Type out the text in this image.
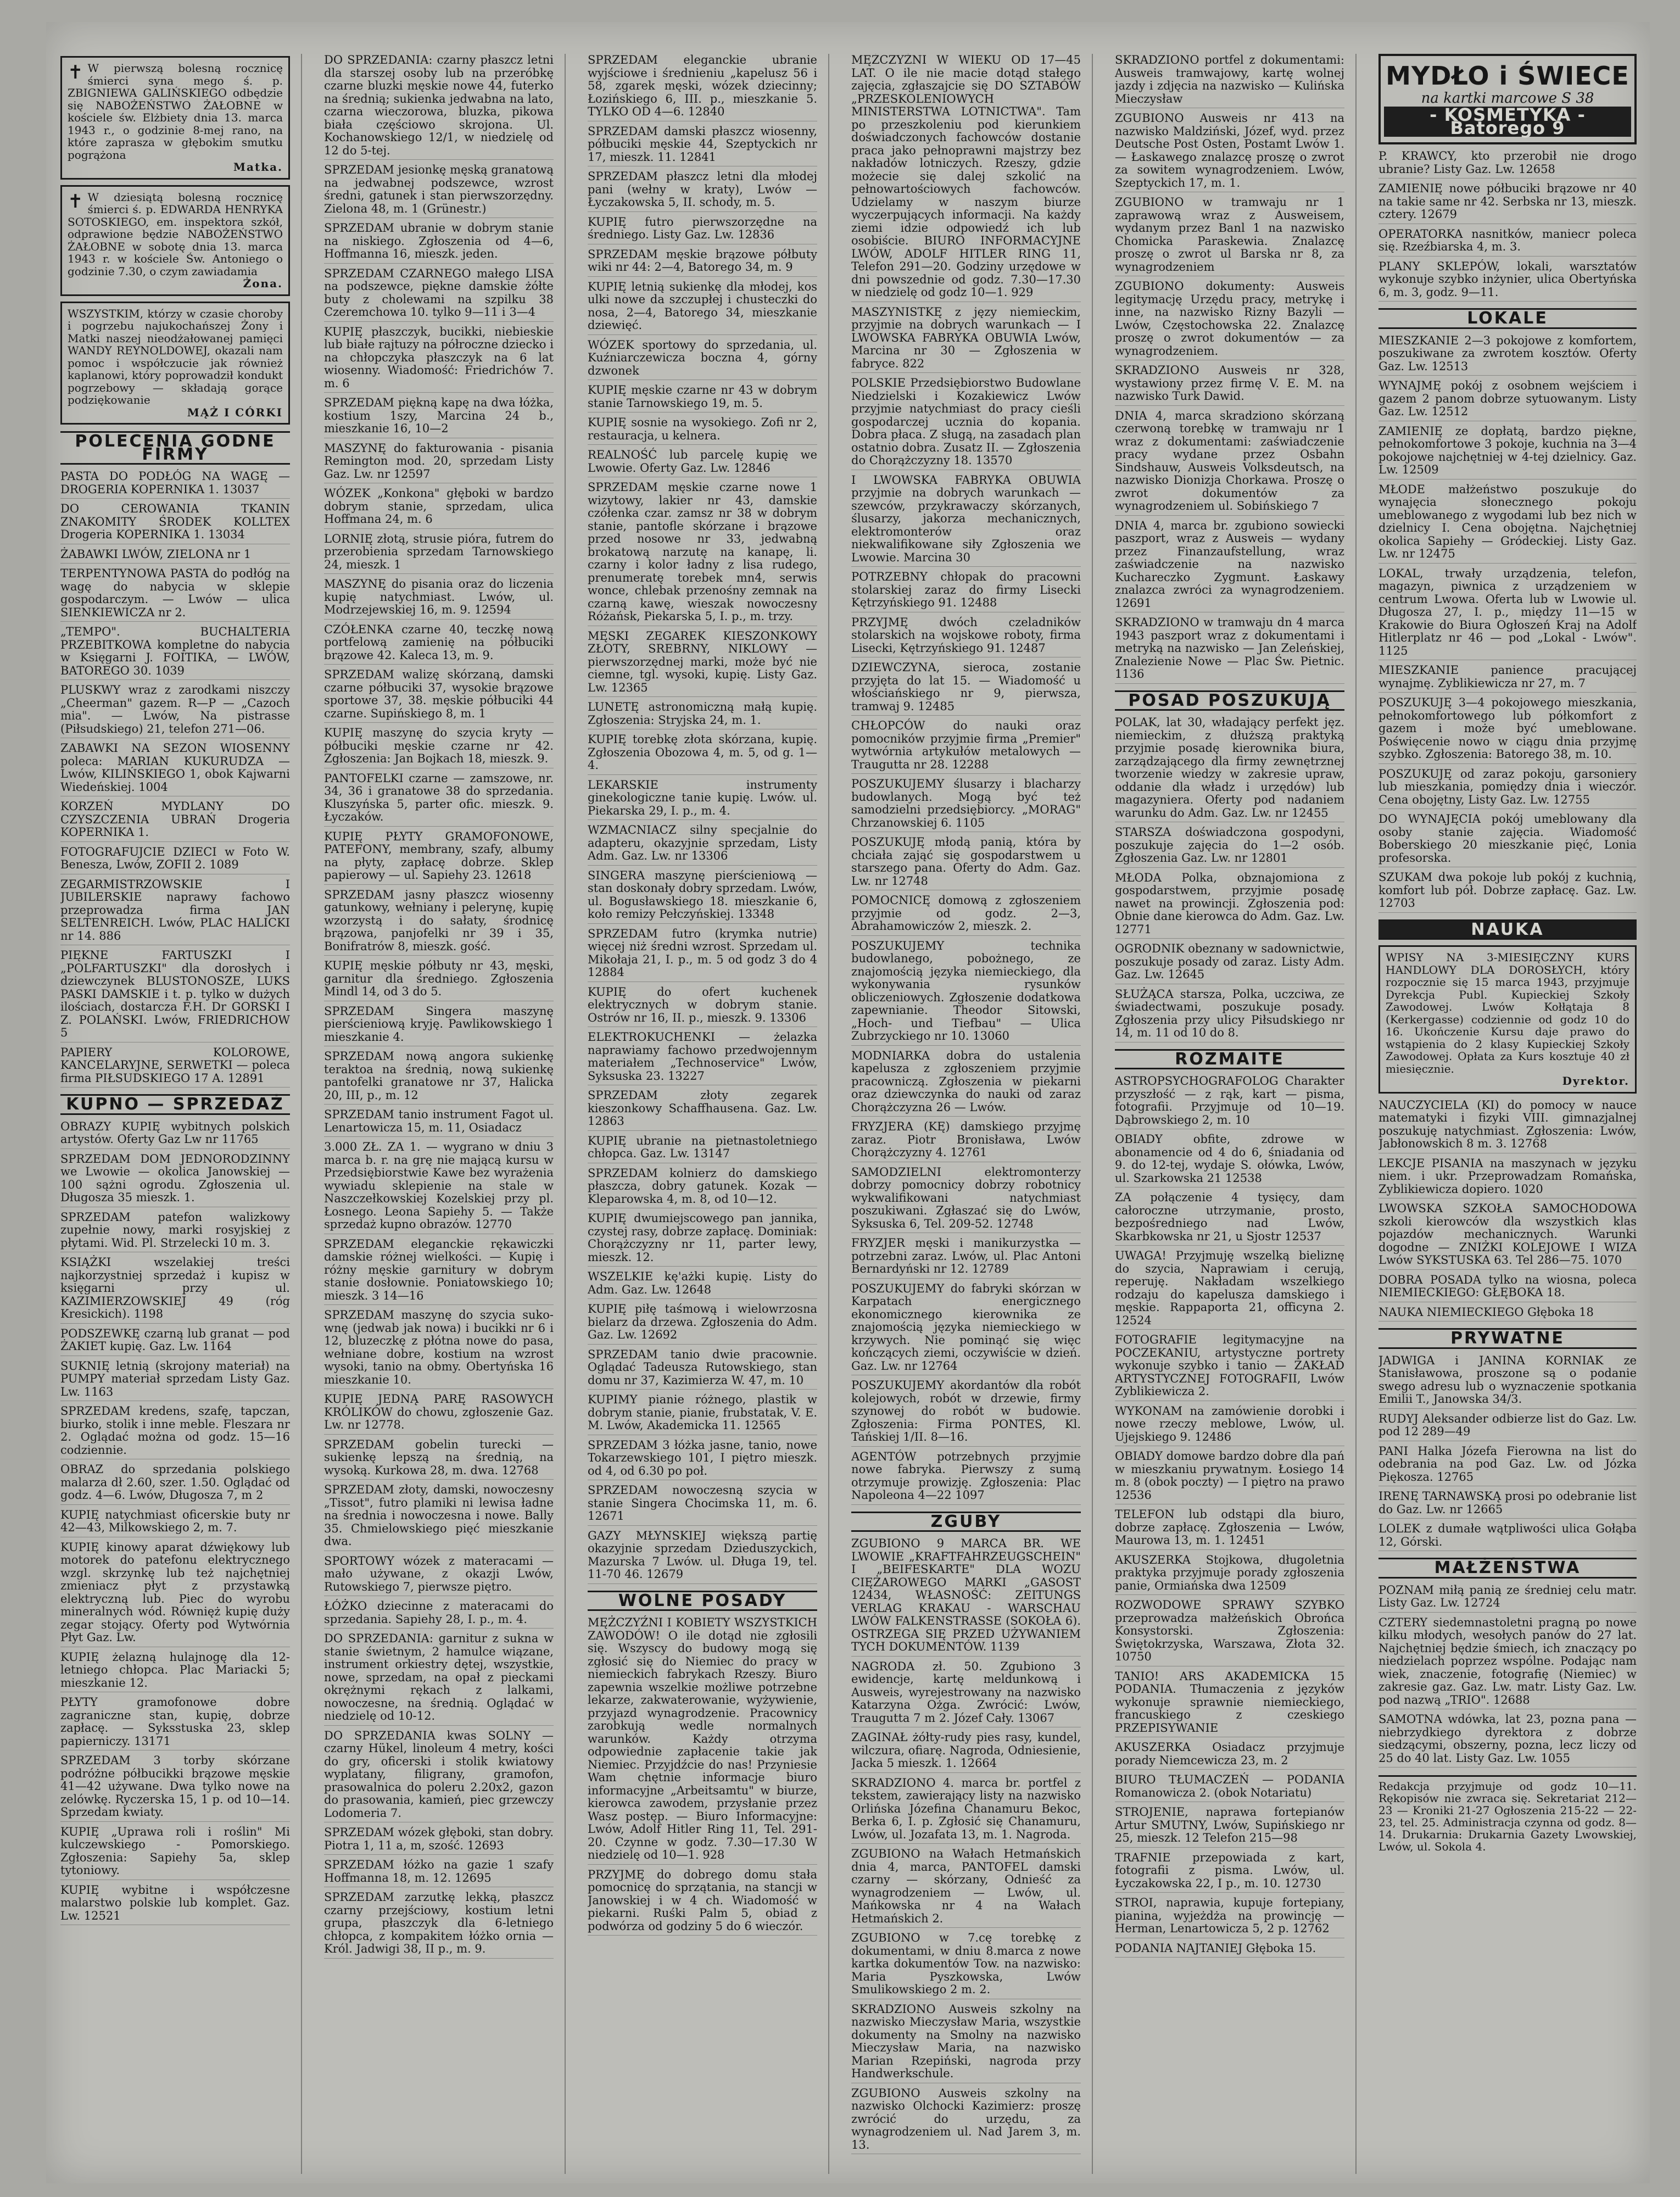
✝ W pierwszą bolesną rocznicę śmierci syna mego ś. p. ZBIGNIEWA GALIŃSKIEGO odbędzie się NABOŻEŃSTWO ŻAŁOBNE w kościele św. Elżbiety dnia 13. marca 1943 r., o godzinie 8-mej rano, na które zaprasza w głębokim smutku pogrążona
Matka.
✝ W dziesiątą bolesną rocznicę śmierci ś. p. EDWARDA HENRYKA SOTOSKIEGO, em. inspektora szkół, odprawione będzie NABOŻEŃSTWO ŻAŁOBNE w sobotę dnia 13. marca 1943 r. w kościele Św. Antoniego o godzinie 7.30, o czym zawiadamia
Żona.
WSZYSTKIM, którzy w czasie choroby i pogrzebu najukochańszej Żony i Matki naszej nieodżałowanej pamięci WANDY REYNOLDOWEJ, okazali nam pomoc i współczucie jak również kaplanowi, który poprowadził kondukt pogrzebowy — składają gorące podziękowanie
MĄŻ I CÓRKI
POLECENIA GODNE FIRMY
PASTA DO PODŁÓG NA WAGĘ — DROGERIA KOPERNIKA 1. 13037
DO CEROWANIA TKANIN ZNAKOMITY ŚRODEK KOLLTEX Drogeria KOPERNIKA 1. 13034
ŻABAWKI LWÓW, ZIELONA nr 1
TERPENTYNOWA PASTA do podłóg na wagę do nabycia w sklepie gospodarczym. — Lwów — ulica SIENKIEWICZA nr 2.
„TEMPO". BUCHALTERIA PRZEBITKOWA kompletne do nabycia w Księgarni J. FOITIKA, — LWÓW, BATOREGO 30. 1039
PLUSKWY wraz z zarodkami niszczy „Cheerman" gazem. R—P — „Cazoch mia". — Lwów, Na pistrasse (Piłsudskiego) 21, telefon 271—06.
ZABAWKI NA SEZON WIOSENNY poleca: MARIAN KUKURUDZA — Lwów, KILIŃSKIEGO 1, obok Kajwarni Wiedeńskiej. 1004
KORZEŃ MYDLANY DO CZYSZCZENIA UBRAŃ Drogeria KOPERNIKA 1.
FOTOGRAFUJCIE DZIECI w Foto W. Benesza, Lwów, ZOFII 2. 1089
ZEGARMISTRZOWSKIE I JUBILERSKIE naprawy fachowo przeprowadza firma JAN SELTENREICH. Lwów, PLAC HALICKI nr 14. 886
PIĘKNE FARTUSZKI I „POLFARTUSZKI" dla dorosłych i dziewczynek BLUSTONOSZE, LUKS PASKI DAMSKIE i t. p. tylko w dużych ilościach, dostarcza F.H. Dr GORSKI I Z. POLAŃSKI. Lwów, FRIEDRICHOW 5
PAPIERY KOLOROWE, KANCELARYJNE, SERWETKI — poleca firma PIŁSUDSKIEGO 17 A. 12891
KUPNO — SPRZEDAŻ
OBRAZY KUPIĘ wybitnych polskich artystów. Oferty Gaz Lw nr 11765
SPRZEDAM DOM JEDNORODZINNY we Lwowie — okolica Janowskiej — 100 sążni ogrodu. Zgłoszenia ul. Długosza 35 mieszk. 1.
SPRZEDAM patefon walizkowy zupełnie nowy, marki rosyjskiej z płytami. Wid. Pl. Strzelecki 10 m. 3.
KSIĄŻKI wszelakiej treści najkorzystniej sprzedaż i kupisz w księgarni przy ul. KAZIMIERZOWSKIEJ 49 (róg Kresickich). 1198
PODSZEWKĘ czarną lub granat — pod ŻAKIET kupię. Gaz. Lw. 1164
SUKNIĘ letnią (skrojony materiał) na PUMPY materiał sprzedam Listy Gaz. Lw. 1163
SPRZEDAM kredens, szafę, tapczan, biurko, stolik i inne meble. Fleszara nr 2. Oglądać można od godz. 15—16 codziennie.
OBRAZ do sprzedania polskiego malarza dł 2.60, szer. 1.50. Oglądać od godz. 4—6. Lwów, Długosza 7, m 2
KUPIĘ natychmiast oficerskie buty nr 42—43, Milkowskiego 2, m. 7.
KUPIĘ kinowy aparat dźwiękowy lub motorek do patefonu elektrycznego wzgl. skrzynkę lub też najchętniej zmieniacz płyt z przystawką elektryczną lub. Piec do wyrobu mineralnych wód. Równięż kupię duży zegar stojący. Oferty pod Wytwórnia Płyt Gaz. Lw.
KUPIĘ żelazną hulajnogę dla 12-letniego chłopca. Plac Mariacki 5; mieszkanie 12.
PŁYTY gramofonowe dobre zagraniczne stan, kupię, dobrze zapłacę. — Syksstuska 23, sklep papierniczy. 13171
SPRZEDAM 3 torby skórzane podróżne półbucikki brązowe męskie 41—42 używane. Dwa tylko nowe na zelówkę. Ryczerska 15, 1 p. od 10—14. Sprzedam kwiaty.
KUPIĘ „Uprawa roli i roślin" Mi kulczewskiego - Pomorskiego. Zgłoszenia: Sapiehy 5a, sklep tytoniowy.
KUPIĘ wybitne i współczesne malarstwo polskie lub komplet. Gaz. Lw. 12521
DO SPRZEDANIA: czarny płaszcz letni dla starszej osoby lub na przeróbkę czarne bluzki męskie nowe 44, futerko na średnią; sukienka jedwabna na lato, czarna wieczorowa, bluzka, pikowa biała częściowo skrojona. Ul. Kochanowskiego 12/1, w niedzielę od 12 do 5-tej.
SPRZEDAM jesionkę męską granatową na jedwabnej podszewce, wzrost średni, gatunek i stan pierwszorzędny. Zielona 48, m. 1 (Grünestr.)
SPRZEDAM ubranie w dobrym stanie na niskiego. Zgłoszenia od 4—6, Hoffmanna 16, mieszk. jeden.
SPRZEDAM CZARNEGO małego LISA na podszewce, piękne damskie żółte buty z cholewami na szpilku 38 Czeremchowa 10. tylko 9—11 i 3—4
KUPIĘ płaszczyk, bucikki, niebieskie lub białe rajtuzy na półroczne dziecko i na chłopczyka płaszczyk na 6 lat wiosenny. Wiadomość: Friedrichów 7. m. 6
SPRZEDAM piękną kapę na dwa łóżka, kostium 1szy, Marcina 24 b., mieszkanie 16, 10—2
MASZYNĘ do fakturowania - pisania Remington mod. 20, sprzedam Listy Gaz. Lw. nr 12597
WÓZEK „Konkona" głęboki w bardzo dobrym stanie, sprzedam, ulica Hoffmana 24, m. 6
LORNIĘ złotą, strusie pióra, futrem do przerobienia sprzedam Tarnowskiego 24, mieszk. 1
MASZYNĘ do pisania oraz do liczenia kupię natychmiast. Lwów, ul. Modrzejewskiej 16, m. 9. 12594
CZÓŁENKA czarne 40, teczkę nową portfelową zamienię na półbuciki brązowe 42. Kaleca 13, m. 9.
SPRZEDAM walizę skórzaną, damski czarne półbuciki 37, wysokie brązowe sportowe 37, 38. męskie półbuciki 44 czarne. Supińskiego 8, m. 1
KUPIĘ maszynę do szycia kryty — półbuciki męskie czarne nr 42. Zgłoszenia: Jan Bojkach 18, mieszk. 9.
PANTOFELKI czarne — zamszowe, nr. 34, 36 i granatowe 38 do sprzedania. Kluszyńska 5, parter ofic. mieszk. 9. Łyczaków.
KUPIĘ PŁYTY GRAMOFONOWE, PATEFONY, membrany, szafy, albumy na płyty, zapłacę dobrze. Sklep papierowy — ul. Sapiehy 23. 12618
SPRZEDAM jasny płaszcz wiosenny gatunkowy, wełniany i pelerynę, kupię wzorzystą i do sałaty, środnicę brązowa, panjofelki nr 39 i 35, Bonifratrów 8, mieszk. gość.
KUPIĘ męskie półbuty nr 43, męski, garnitur dla średniego. Zgłoszenia Mindl 14, od 3 do 5.
SPRZEDAM Singera maszynę pierścieniową kryję. Pawlikowskiego 1 mieszkanie 4.
SPRZEDAM nową angora sukienkę teraktoa na średnią, nową sukienkę pantofelki granatowe nr 37, Halicka 20, III, p., m. 12
SPRZEDAM tanio instrument Fagot ul. Lenartowicza 15, m. 11, Osiadacz
3.000 ZŁ. ZA 1. — wygrano w dniu 3 marca b. r. na grę nie mającą kursu w Przedsiębiorstwie Kawe bez wyrażenia wywiadu sklepienie na stale w Naszczełkowskiej Kozelskiej przy pl. Łosnego. Leona Sapiehy 5. — Także sprzedaż kupno obrazów. 12770
SPRZEDAM eleganckie rękawiczki damskie różnej wielkości. — Kupię i różny męskie garnitury w dobrym stanie dosłownie. Poniatowskiego 10; mieszk. 3 14—16
SPRZEDAM maszynę do szycia suko-wnę (jedwab jak nowa) i bucikki nr 6 i 12, bluzeczkę z płótna nowe do pasa, wełniane dobre, kostium na wzrost wysoki, tanio na obmy. Obertyńska 16 mieszkanie 10.
KUPIĘ JEDNĄ PARĘ RASOWYCH KRÓLIKÓW do chowu, zgłoszenie Gaz. Lw. nr 12778.
SPRZEDAM gobelin turecki — sukienkę lepszą na średnią, na wysoką. Kurkowa 28, m. dwa. 12768
SPRZEDAM złoty, damski, nowoczesny „Tissot", futro plamiki ni lewisa ładne na średnia i nowoczesna i nowe. Bally 35. Chmielowskiego pięć mieszkanie dwa.
SPORTOWY wózek z materacami — mało używane, z okazji Lwów, Rutowskiego 7, pierwsze piętro.
ŁÓŻKO dziecinne z materacami do sprzedania. Sapiehy 28, I. p., m. 4.
DO SPRZEDANIA: garnitur z sukna w stanie świetnym, 2 hamulce wiązane, instrument orkiestry dętej, wszystkie, nowe, sprzedam, na opał z pieckami okrężnymi rękach z lalkami, nowoczesne, na średnią. Oglądać w niedzielę od 10-12.
DO SPRZEDANIA kwas SOLNY — czarny Hükel, linoleum 4 metry, kości do gry, oficerski i stolik kwiatowy wyplatany, filigrany, gramofon, prasowalnica do poleru 2.20x2, gazon do prasowania, kamień, piec grzewczy Lodomeria 7.
SPRZEDAM wózek głęboki, stan dobry. Piotra 1, 11 a, m, szość. 12693
SPRZEDAM łóżko na gazie 1 szafy Hoffmanna 18, m. 12. 12695
SPRZEDAM zarzutkę lekką, płaszcz czarny przejściowy, kostium letni grupa, płaszczyk dla 6-letniego chłopca, z kompakitem łóżko ornia — Król. Jadwigi 38, II p., m. 9.
SPRZEDAM eleganckie ubranie wyjściowe i średnieniu „kapelusz 56 i 58, zgarek męski, wózek dziecinny; Łozińskiego 6, III. p., mieszkanie 5. TYLKO OD 4—6. 12840
SPRZEDAM damski płaszcz wiosenny, półbuciki męskie 44, Szeptyckich nr 17, mieszk. 11. 12841
SPRZEDAM płaszcz letni dla młodej pani (wełny w kraty), Lwów — Łyczakowska 5, II. schody, m. 5.
KUPIĘ futro pierwszorzędne na średniego. Listy Gaz. Lw. 12836
SPRZEDAM męskie brązowe półbuty wiki nr 44: 2—4, Batorego 34, m. 9
KUPIĘ letnią sukienkę dla młodej, kos ulki nowe da szczupłej i chusteczki do nosa, 2—4, Batorego 34, mieszkanie dziewięć.
WÓZEK sportowy do sprzedania, ul. Kuźniarczewicza boczna 4, górny dzwonek
KUPIĘ męskie czarne nr 43 w dobrym stanie Tarnowskiego 19, m. 5.
KUPIĘ sosnie na wysokiego. Zofi nr 2, restauracja, u kelnera.
REALNOŚĆ lub parcelę kupię we Lwowie. Oferty Gaz. Lw. 12846
SPRZEDAM męskie czarne nowe 1 wizytowy, lakier nr 43, damskie czółenka czar. zamsz nr 38 w dobrym stanie, pantofle skórzane i brązowe przed nosowe nr 33, jedwabną brokatową narzutę na kanapę, li. czarny i kolor ładny z lisa rudego, prenumeratę torebek mn4, serwis wonce, chlebak przenośny zemnak na czarną kawę, wieszak nowoczesny Różańsk, Piekarska 5, I. p., m. trzy.
MĘSKI ZEGAREK KIESZONKOWY ZŁOTY, SREBRNY, NIKLOWY — pierwszorzędnej marki, może być nie ciemne, tgl. wysoki, kupię. Listy Gaz. Lw. 12365
LUNETĘ astronomiczną małą kupię. Zgłoszenia: Stryjska 24, m. 1.
KUPIĘ torebkę złota skórzana, kupię. Zgłoszenia Obozowa 4, m. 5, od g. 1—4.
LEKARSKIE instrumenty ginekologiczne tanie kupię. Lwów. ul. Piekarska 29, I. p., m. 4.
WZMACNIACZ silny specjalnie do adapteru, okazyjnie sprzedam, Listy Adm. Gaz. Lw. nr 13306
SINGERA maszynę pierścieniową — stan doskonały dobry sprzedam. Lwów, ul. Bogusławskiego 18. mieszkanie 6, koło remizy Pełczyńskiej. 13348
SPRZEDAM futro (krymka nutrie) więcej niż średni wzrost. Sprzedam ul. Mikołaja 21, I. p., m. 5 od godz 3 do 4 12884
KUPIĘ do ofert kuchenek elektrycznych w dobrym stanie. Ostrów nr 16, II. p., mieszk. 9. 13306
ELEKTROKUCHENKI — żelazka naprawiamy fachowo przedwojennym materiałem „Technoservice" Lwów, Syksuska 23. 13227
SPRZEDAM złoty zegarek kieszonkowy Schaffhausena. Gaz. Lw. 12863
KUPIĘ ubranie na pietnastoletniego chłopca. Gaz. Lw. 13147
SPRZEDAM kolnierz do damskiego płaszcza, dobry gatunek. Kozak — Kleparowska 4, m. 8, od 10—12.
KUPIĘ dwumiejscowego pan jannika, czystej rasy, dobrze zapłacę. Dominiak: Chorążczyzny nr 11, parter lewy, mieszk. 12.
WSZELKIE kę'ażki kupię. Listy do Adm. Gaz. Lw. 12648
KUPIĘ piłę taśmową i wielowrzosna bielarz da drzewa. Zgłoszenia do Adm. Gaz. Lw. 12692
SPRZEDAM tanio dwie pracownie. Oglądać Tadeusza Rutowskiego, stan domu nr 37, Kazimierza W. 47, m. 10
KUPIMY pianie różnego, plastik w dobrym stanie, pianie, frubstatak, V. E. M. Lwów, Akademicka 11. 12565
SPRZEDAM 3 łóżka jasne, tanio, nowe Tokarzewskiego 101, I piętro mieszk. od 4, od 6.30 po poł.
SPRZEDAM nowoczesną szycia w stanie Singera Chocimska 11, m. 6. 12671
GAZY MŁYNSKIEJ większą partię okazyjnie sprzedam Dzieduszyckich, Mazurska 7 Lwów. ul. Długa 19, tel. 11-70 46. 12679
WOLNE POSADY
MĘŻCZYŹNI I KOBIETY WSZYSTKICH ZAWODÓW! O ile dotąd nie zgłosili się. Wszyscy do budowy mogą się zgłosić się do Niemiec do pracy w niemieckich fabrykach Rzeszy. Biuro zapewnia wszelkie możliwe potrzebne lekarze, zakwaterowanie, wyżywienie, przyjazd wynagrodzenie. Pracownicy zarobkują wedle normalnych warunków. Każdy otrzyma odpowiednie zapłacenie takie jak Niemiec. Przyjdźcie do nas! Przyniesie Wam chętnie informacje biuro informacyjne „Arbeitsamtu" w biurze, kierowca zawodem, przysłanie przez Wasz postęp. — Biuro Informacyjne: Lwów, Adolf Hitler Ring 11, Tel. 291-20. Czynne w godz. 7.30—17.30 W niedzielę od 10—1. 928
PRZYJMĘ do dobrego domu stała pomocnicę do sprzątania, na stancji w Janowskiej i w 4 ch. Wiadomość w piekarni. Ruśki Palm 5, obiad z podwórza od godziny 5 do 6 wieczór.
MĘŻCZYŹNI W WIEKU OD 17—45 LAT. O ile nie macie dotąd stałego zajęcia, zgłaszajcie się DO SZTABÓW „PRZESKOLENIOWYCH MINISTERSTWA LOTNICTWA". Tam po przeszkoleniu pod kierunkiem doświadczonych fachowców dostanie praca jako pełnoprawni majstrzy bez nakładów lotniczych. Rzeszy, gdzie możecie się dalej szkolić na pełnowartościowych fachowców. Udzielamy w naszym biurze wyczerpujących informacji. Na każdy ziemi idzie odpowiedź ich lub osobiście. BIURO INFORMACYJNE LWÓW, ADOLF HITLER RING 11, Telefon 291—20. Godziny urzędowe w dni powszednie od godz. 7.30—17.30 w niedzielę od godz 10—1. 929
MASZYNISTKĘ z języ niemieckim, przyjmie na dobrych warunkach — I LWOWSKA FABRYKA OBUWIA Lwów, Marcina nr 30 — Zgłoszenia w fabryce. 822
POLSKIE Przedsiębiorstwo Budowlane Niedzielski i Kozakiewicz Lwów przyjmie natychmiast do pracy cieśli gospodarczej ucznia do kopania. Dobra płaca. Z sługą, na zasadach plan ostatnio dobra. Zusatz II. — Zgłoszenia do Chorążczyzny 18. 13570
I LWOWSKA FABRYKA OBUWIA przyjmie na dobrych warunkach — szewców, przykrawaczy skórzanych, ślusarzy, jakorza mechanicznych, elektromonterów oraz niekwalifikowane siły Zgłoszenia we Lwowie. Marcina 30
POTRZEBNY chłopak do pracowni stolarskiej zaraz do firmy Lisecki Kętrzyńskiego 91. 12488
PRZYJMĘ dwóch czeladników stolarskich na wojskowe roboty, firma Lisecki, Kętrzyńskiego 91. 12487
DZIEWCZYNA, sieroca, zostanie przyjęta do lat 15. — Wiadomość u włościańskiego nr 9, pierwsza, tramwaj 9. 12485
CHŁOPCÓW do nauki oraz pomocników przyjmie firma „Premier" wytwórnia artykułów metalowych — Traugutta nr 28. 12288
POSZUKUJEMY ślusarzy i blacharzy budowlanych. Mogą być też samodzielni przedsiębiorcy. „MORAG" Chrzanowskiej 6. 1105
POSZUKUJĘ młodą panią, która by chciała zająć się gospodarstwem u starszego pana. Oferty do Adm. Gaz. Lw. nr 12748
POMOCNICĘ domową z zgłoszeniem przyjmie od godz. 2—3, Abrahamowiczów 2, mieszk. 2.
POSZUKUJEMY technika budowlanego, pobożnego, ze znajomością języka niemieckiego, dla wykonywania rysunków obliczeniowych. Zgłoszenie dodatkowa zapewnianie. Theodor Sitowski, „Hoch- und Tiefbau" — Ulica Zubrzyckiego nr 10. 13060
MODNIARKA dobra do ustalenia kapelusza z zgłoszeniem przyjmie pracowniczą. Zgłoszenia w piekarni oraz dziewczynka do nauki od zaraz Chorążczyzna 26 — Lwów.
FRYZJERA (KĘ) damskiego przyjmę zaraz. Piotr Bronisława, Lwów Chorążczyzny 4. 12761
SAMODZIELNI elektromonterzy dobrzy pomocnicy dobrzy robotnicy wykwalifikowani natychmiast poszukiwani. Zgłaszać się do Lwów, Syksuska 6, Tel. 209-52. 12748
FRYZJER męski i manikurzystka — potrzebni zaraz. Lwów, ul. Plac Antoni Bernardyński nr 12. 12789
POSZUKUJEMY do fabryki skórzan w Karpatach energicznego ekonomicznego kierownika ze znajomością języka niemieckiego w krzywych. Nie pominąć się więc kończących ziemi, oczywiście w dzień. Gaz. Lw. nr 12764
POSZUKUJEMY akordantów dla robót kolejowych, robót w drzewie, firmy szynowej do robót w budowie. Zgłoszenia: Firma PONTES, Kl. Tańskiej 1/II. 8—16.
AGENTÓW potrzebnych przyjmie nowe fabryka. Pierwszy z sumą otrzymuje prowizję. Zgłoszenia: Plac Napoleona 4—22 1097
ZGUBY
ZGUBIONO 9 MARCA BR. WE LWOWIE „KRAFTFAHRZEUGSCHEIN" I „BEIFESKARTE" DLA WOZU CIĘŻAROWEGO MARKI „GASOST 12434, WŁASNOŚĆ: ZEITUNGS VERLAG KRAKAU - WARSCHAU LWÓW FALKENSTRASSE (SOKOŁA 6). OSTRZEGA SIĘ PRZED UŻYWANIEM TYCH DOKUMENTÓW. 1139
NAGRODA zł. 50. Zgubiono 3 ewidencje, kartę meldunkową i Ausweis, wyrejestrowany na nazwisko Katarzyna Ożga. Zwrócić: Lwów, Traugutta 7 m 2. Józef Cały. 13067
ZAGINAŁ żółty-rudy pies rasy, kundel, wilczura, ofiarę. Nagroda, Odniesienie, Jacka 5 mieszk. 1. 12664
SKRADZIONO 4. marca br. portfel z tekstem, zawierający listy na nazwisko Orlińska Józefina Chanamuru Bekoc, Berka 6, I. p. Zgłosić się Chanamuru, Lwów, ul. Jozafata 13, m. 1. Nagroda.
ZGUBIONO na Wałach Hetmańskich dnia 4, marca, PANTOFEL damski czarny — skórzany, Odnieść za wynagrodzeniem — Lwów, ul. Mańkowska nr 4 na Wałach Hetmańskich 2.
ZGUBIONO w 7.cę torebkę z dokumentami, w dniu 8.marca z nowe kartka dokumentów Tow. na nazwisko: Maria Pyszkowska, Lwów Smulikowskiego 2 m. 2.
SKRADZIONO Ausweis szkolny na nazwisko Mieczysław Maria, wszystkie dokumenty na Smolny na nazwisko Mieczysław Maria, na nazwisko Marian Rzepiński, nagroda przy Handwerkschule.
ZGUBIONO Ausweis szkolny na nazwisko Olchocki Kazimierz: proszę zwrócić do urzędu, za wynagrodzeniem ul. Nad Jarem 3, m. 13.
SKRADZIONO portfel z dokumentami: Ausweis tramwajowy, kartę wolnej jazdy i zdjęcia na nazwisko — Kulińska Mieczysław
ZGUBIONO Ausweis nr 413 na nazwisko Maldziński, Józef, wyd. przez Deutsche Post Osten, Postamt Lwów 1. — Łaskawego znalazcę proszę o zwrot za sowitem wynagrodzeniem. Lwów, Szeptyckich 17, m. 1.
ZGUBIONO w tramwaju nr 1 zaprawową wraz z Ausweisem, wydanym przez Banl 1 na nazwisko Chomicka Paraskewia. Znalazcę proszę o zwrot ul Barska nr 8, za wynagrodzeniem
ZGUBIONO dokumenty: Ausweis legitymację Urzędu pracy, metrykę i inne, na nazwisko Rizny Bazyli — Lwów, Częstochowska 22. Znalazcę proszę o zwrot dokumentów — za wynagrodzeniem.
SKRADZIONO Ausweis nr 328, wystawiony przez firmę V. E. M. na nazwisko Turk Dawid.
DNIA 4, marca skradziono skórzaną czerwoną torebkę w tramwaju nr 1 wraz z dokumentami: zaświadczenie pracy wydane przez Osbahn Sindshauw, Ausweis Volksdeutsch, na nazwisko Dionizja Chorkawa. Proszę o zwrot dokumentów za wynagrodzeniem ul. Sobińskiego 7
DNIA 4, marca br. zgubiono sowiecki paszport, wraz z Ausweis — wydany przez Finanzaufstellung, wraz zaświadczenie na nazwisko Kuchareczko Zygmunt. Łaskawy znalazca zwróci za wynagrodzeniem. 12691
SKRADZIONO w tramwaju dn 4 marca 1943 paszport wraz z dokumentami i metryką na nazwisko — Jan Zeleńskiej, Znalezienie Nowe — Plac Św. Pietnic. 1136
POSAD POSZUKUJĄ
POLAK, lat 30, władający perfekt jęz. niemieckim, z dłuższą praktyką przyjmie posadę kierownika biura, zarządzającego dla firmy zewnętrznej tworzenie wiedzy w zakresie upraw, oddanie dla władz i urzędów) lub magazyniera. Oferty pod nadaniem warunku do Adm. Gaz. Lw. nr 12455
STARSZA doświadczona gospodyni, poszukuje zajęcia do 1—2 osób. Zgłoszenia Gaz. Lw. nr 12801
MŁODA Polka, obznajomiona z gospodarstwem, przyjmie posadę nawet na prowincji. Zgłoszenia pod: Obnie dane kierowca do Adm. Gaz. Lw. 12771
OGRODNIK obeznany w sadownictwie, poszukuje posady od zaraz. Listy Adm. Gaz. Lw. 12645
SŁUŻĄCA starsza, Polka, uczciwa, ze świadectwami, poszukuje posady. Zgłoszenia przy ulicy Piłsudskiego nr 14, m. 11 od 10 do 8.
ROZMAITE
ASTROPSYCHOGRAFOLOG Charakter przyszłość — z rąk, kart — pisma, fotografii. Przyjmuje od 10—19. Dąbrowskiego 2, m. 10
OBIADY obfite, zdrowe w abonamencie od 4 do 6, śniadania od 9. do 12-tej, wydaje S. ołówka, Lwów, ul. Szarkowska 21 12538
ZA połączenie 4 tysięcy, dam całoroczne utrzymanie, prosto, bezpośredniego nad Lwów, Skarbkowska nr 21, u Sjostr 12537
UWAGA! Przyjmuję wszelką bieliznę do szycia, Naprawiam i cerują, reperuję. Nakładam wszelkiego rodzaju do kapelusza damskiego i męskie. Rappaporta 21, officyna 2. 12524
FOTOGRAFIE legitymacyjne na POCZEKANIU, artystyczne portrety wykonuje szybko i tanio — ZAKŁAD ARTYSTYCZNEJ FOTOGRAFII, Lwów Zyblikiewicza 2.
WYKONAM na zamówienie dorobki i nowe rzeczy meblowe, Lwów, ul. Ujejskiego 9. 12486
OBIADY domowe bardzo dobre dla pań w mieszkaniu prywatnym. Łosiego 14 m. 8 (obok poczty) — I piętro na prawo 12536
TELEFON lub odstąpi dla biuro, dobrze zapłacę. Zgłoszenia — Lwów, Maurowa 13, m. 1. 12451
AKUSZERKA Stojkowa, długoletnia praktyka przyjmuje porady zgłoszenia panie, Ormiańska dwa 12509
ROZWODOWE SPRAWY SZYBKO przeprowadza małżeńskich Obrońca Konsystorski. Zgłoszenia: Świętokrzyska, Warszawa, Złota 32. 10750
TANIO! ARS AKADEMICKA 15 PODANIA. Tłumaczenia z języków wykonuje sprawnie niemieckiego, francuskiego z czeskiego PRZEPISYWANIE
AKUSZERKA Osiadacz przyjmuje porady Niemcewicza 23, m. 2
BIURO TŁUMACZEŃ — PODANIA Romanowicza 2. (obok Notariatu)
STROJENIE, naprawa fortepianów Artur SMUTNY, Lwów, Supińskiego nr 25, mieszk. 12 Telefon 215—98
TRAFNIE przepowiada z kart, fotografii z pisma. Lwów, ul. Łyczakowska 22, I p., m. 10. 12730
STROI, naprawia, kupuje fortepiany, pianina, wyjeżdża na prowincję — Herman, Lenartowicza 5, 2 p. 12762
PODANIA NAJTANIEJ Głęboka 15.
MYDŁO i ŚWIECE
na kartki marcowe S 38
- KOSMETYKA - Batorego 9
P. KRAWCY, kto przerobił nie drogo ubranie? Listy Gaz. Lw. 12658
ZAMIENIĘ nowe półbuciki brązowe nr 40 na takie same nr 42. Serbska nr 13, mieszk. cztery. 12679
OPERATORKA nasnitków, maniecr poleca się. Rzeźbiarska 4, m. 3.
PLANY SKLEPÓW, lokali, warsztatów wykonuje szybko inżynier, ulica Obertyńska 6, m. 3, godz. 9—11.
LOKALE
MIESZKANIE 2—3 pokojowe z komfortem, poszukiwane za zwrotem kosztów. Oferty Gaz. Lw. 12513
WYNAJMĘ pokój z osobnem wejściem i gazem 2 panom dobrze sytuowanym. Listy Gaz. Lw. 12512
ZAMIENIĘ ze dopłatą, bardzo piękne, pełnokomfortowe 3 pokoje, kuchnia na 3—4 pokojowe najchętniej w 4-tej dzielnicy. Gaz. Lw. 12509
MŁODE małżeństwo poszukuje do wynajęcia słonecznego pokoju umeblowanego z wygodami lub bez nich w dzielnicy I. Cena obojętna. Najchętniej okolica Sapiehy — Gródeckiej. Listy Gaz. Lw. nr 12475
LOKAL, trwały urządzenia, telefon, magazyn, piwnica z urządzeniem w centrum Lwowa. Oferta lub w Lwowie ul. Długosza 27, I. p., między 11—15 w Krakowie do Biura Ogłoszeń Kraj na Adolf Hitlerplatz nr 46 — pod „Lokal - Lwów". 1125
MIESZKANIE panience pracującej wynajmę. Zyblikiewicza nr 27, m. 7
POSZUKUJĘ 3—4 pokojowego mieszkania, pełnokomfortowego lub półkomfort z gazem i może być umeblowane. Poświęcenie nowo w ciągu dnia przyjmę szybko. Zgłoszenia: Batorego 38, m. 10.
POSZUKUJĘ od zaraz pokoju, garsoniery lub mieszkania, pomiędzy dnia i wieczór. Cena obojętny, Listy Gaz. Lw. 12755
DO WYNAJĘCIA pokój umeblowany dla osoby stanie zajęcia. Wiadomość Boberskiego 20 mieszkanie pięć, Lonia profesorska.
SZUKAM dwa pokoje lub pokój z kuchnią, komfort lub pół. Dobrze zapłacę. Gaz. Lw. 12703
NAUKA
WPISY NA 3-MIESIĘCZNY KURS HANDLOWY DLA DOROSŁYCH, który rozpocznie się 15 marca 1943, przyjmuje Dyrekcja Publ. Kupieckiej Szkoły Zawodowej. Lwów Kołłątaja 8 (Kerkergasse) codziennie od godz 10 do 16. Ukończenie Kursu daje prawo do wstąpienia do 2 klasy Kupieckiej Szkoły Zawodowej. Opłata za Kurs kosztuje 40 zł miesięcznie.
Dyrektor.
NAUCZYCIELA (KI) do pomocy w nauce matematyki i fizyki VIII. gimnazjalnej poszukuję natychmiast. Zgłoszenia: Lwów, Jabłonowskich 8 m. 3. 12768
LEKCJE PISANIA na maszynach w języku niem. i ukr. Przeprowadzam Romańska, Zyblikiewicza dopiero. 1020
LWOWSKA SZKOŁA SAMOCHODOWA szkoli kierowców dla wszystkich klas pojazdów mechanicznych. Warunki dogodne — ZNIŻKI KOLEJOWE I WIZA Lwów SYKSTUSKA 63. Tel 286—75. 1070
DOBRA POSADA tylko na wiosna, poleca NIEMIECKIEGO: GŁĘBOKA 18.
NAUKA NIEMIECKIEGO Głęboka 18
PRYWATNE
JADWIGA i JANINA KORNIAK ze Stanisławowa, proszone są o podanie swego adresu lub o wyznaczenie spotkania Emilii T., Janowska 34/3.
RUDYJ Aleksander odbierze list do Gaz. Lw. pod 12 289—49
PANI Halka Józefa Fierowna na list do odebrania na pod Gaz. Lw. od Józka Piękosza. 12765
IRENĘ TARNAWSKĄ prosi po odebranie list do Gaz. Lw. nr 12665
LOLEK z dumałe wątpliwości ulica Gołąba 12, Górski.
MAŁŻEŃSTWA
POZNAM miłą panią ze średniej celu matr. Listy Gaz. Lw. 12724
CZTERY siedemnastoletni pragną po nowe kilku młodych, wesołych panów do 27 lat. Najchętniej będzie śmiech, ich znaczący po niedzielach poprzez wspólne. Podając nam wiek, znaczenie, fotografię (Niemiec) w zakresie gaz. Gaz. Lw. matr. Listy Gaz. Lw. pod nazwą „TRIO". 12688
SAMOTNA wdówka, lat 23, pozna pana — niebrzydkiego dyrektora z dobrze siedzącymi, obszerny, pozna, lecz liczy od 25 do 40 lat. Listy Gaz. Lw. 1055
Redakcja przyjmuje od godz 10—11. Rękopisów nie zwraca się. Sekretariat 212—23 — Kroniki 21-27 Ogłoszenia 215-22 — 22-23, tel. 25. Administracja czynna od godz. 8—14. Drukarnia: Drukarnia Gazety Lwowskiej, Lwów, ul. Sokola 4.
